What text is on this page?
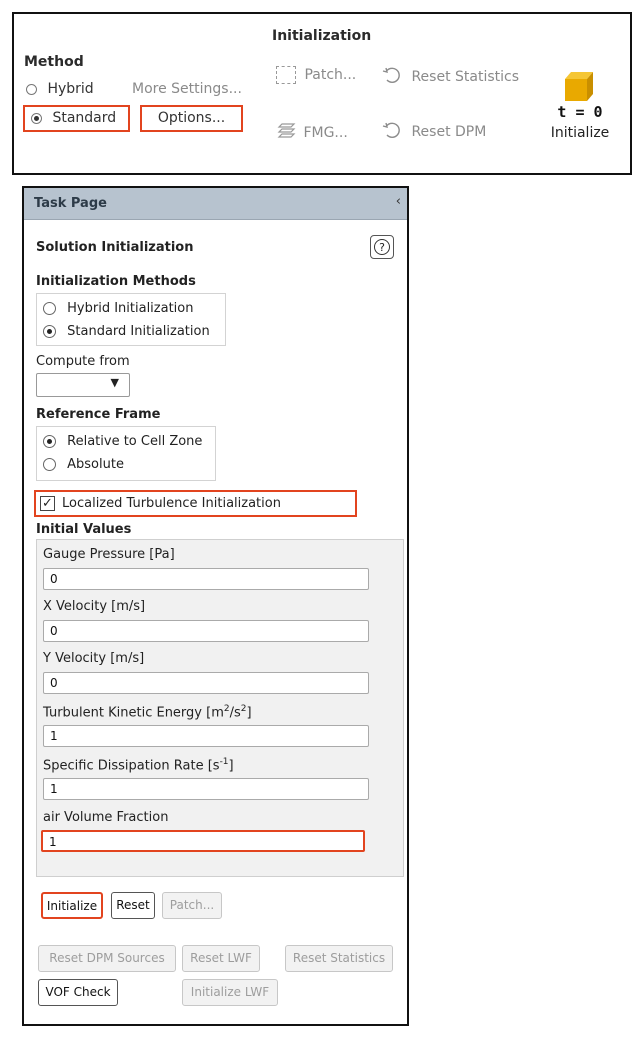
Initialization
Method
Hybrid	More Settings...
Standard	Options...
Patch...
FMG...
Reset Statistics
Reset DPM
t = 0
Initialize
Task Page	‹
Solution Initialization	?
Initialization Methods
Hybrid Initialization
Standard Initialization
Compute from
▼
Reference Frame
Relative to Cell Zone
Absolute
✓ Localized Turbulence Initialization
Initial Values
Gauge Pressure [Pa]
0
X Velocity [m/s]
0
Y Velocity [m/s]
0
Turbulent Kinetic Energy $[m^2/s^2]$
1
Specific Dissipation Rate $[s^{-1}]$
1
air Volume Fraction
1
Initialize	Reset	Patch...
Reset DPM Sources	Reset LWF	Reset Statistics
VOF Check	Initialize LWF
